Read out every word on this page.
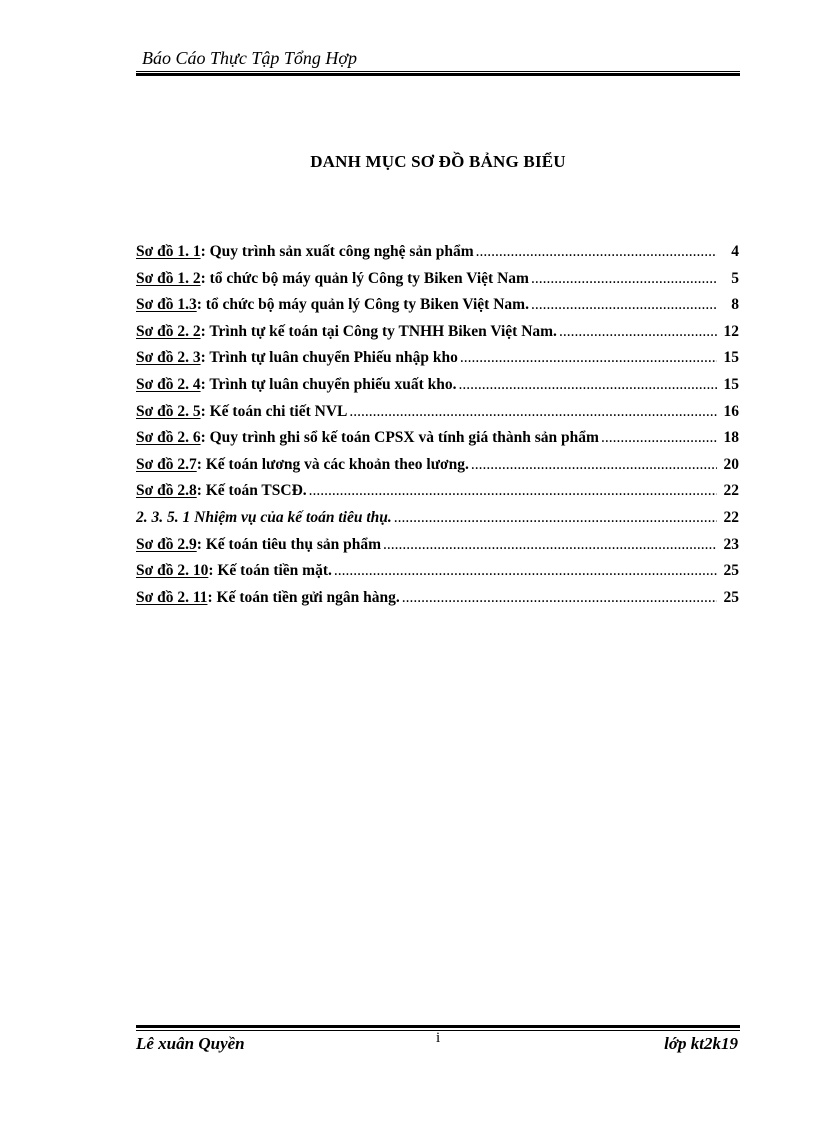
Báo Cáo Thực Tập Tổng Hợp
DANH MỤC SƠ ĐỒ BẢNG BIỂU
Sơ đồ 1. 1 : Quy trình sản xuất công nghệ sản phẩm .....	4
Sơ đồ 1. 2 : tổ chức bộ máy quản lý Công ty Biken Việt Nam .....	5
Sơ đồ 1.3 : tổ chức bộ máy quản lý Công ty Biken Việt Nam. .....	8
Sơ đồ 2. 2 : Trình tự kế toán tại Công ty TNHH Biken Việt Nam. .....	12
Sơ đồ 2. 3 : Trình tự luân chuyển Phiếu nhập kho .....	15
Sơ đồ 2. 4 : Trình tự luân chuyển phiếu xuất kho. .....	15
Sơ đồ 2. 5 : Kế toán chi tiết NVL .....	16
Sơ đồ 2. 6 : Quy trình ghi sổ kế toán CPSX và tính giá thành sản phẩm .....	18
Sơ đồ 2.7 : Kế toán lương và các khoản theo lương. .....	20
Sơ đồ 2.8 : Kế toán TSCĐ. .....	22
2. 3. 5. 1 Nhiệm vụ của kế toán tiêu thụ. .....	22
Sơ đồ 2.9 : Kế toán tiêu thụ sản phẩm .....	23
Sơ đồ 2. 10 : Kế toán tiền mặt. .....	25
Sơ đồ 2. 11 : Kế toán tiền gửi ngân hàng. .....	25
Lê xuân Quyền	i	lớp kt2k19
